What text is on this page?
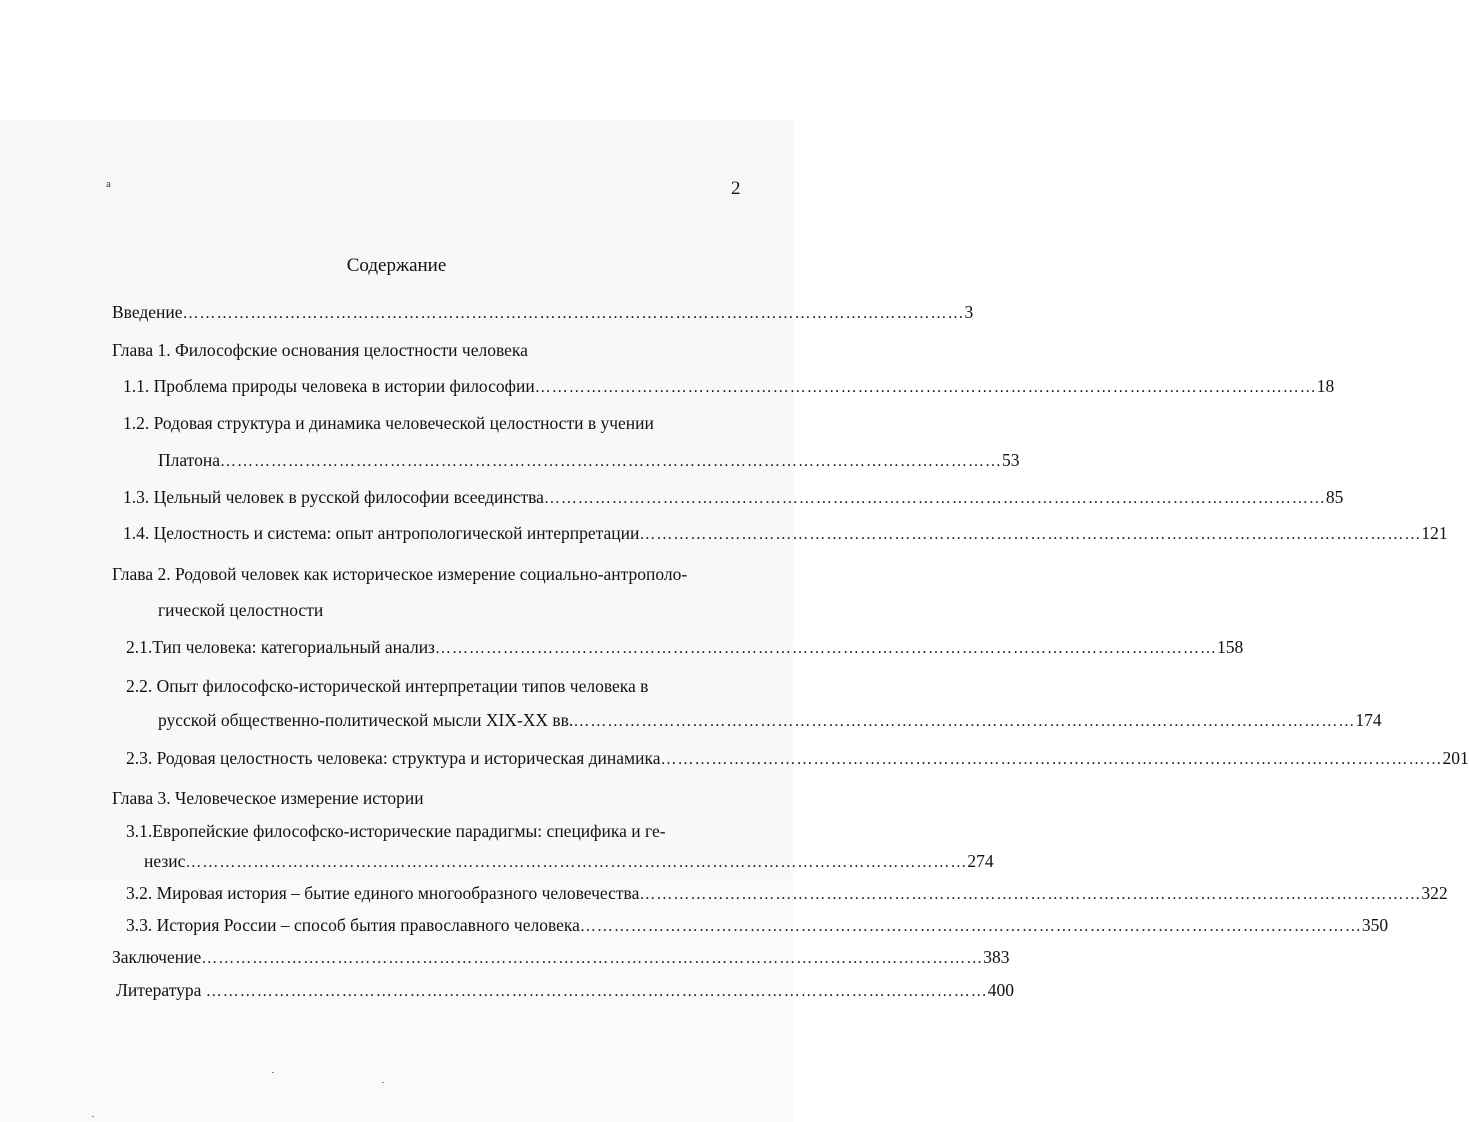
а	2
Содержание
Введение ………………………………………………………………………………………………………………………… 3
Глава 1. Философские основания целостности человека
1.1. Проблема природы человека в истории философии ………………………………………………………………………………………………………………………… 18
1.2. Родовая структура и динамика человеческой целостности в учении
Платона ………………………………………………………………………………………………………………………… 53
1.3. Цельный человек в русской философии всеединства ………………………………………………………………………………………………………………………… 85
1.4. Целостность и система: опыт антропологической интерпретации ………………………………………………………………………………………………………………………… 121
Глава 2. Родовой человек как историческое измерение социально-антрополо-
гической целостности
2.1.Тип человека: категориальный анализ ………………………………………………………………………………………………………………………… 158
2.2. Опыт философско-исторической интерпретации типов человека в
русской общественно-политической мысли XIX-XX вв. ………………………………………………………………………………………………………………………… 174
2.3. Родовая целостность человека: структура и историческая динамика ………………………………………………………………………………………………………………………… 201
Глава 3. Человеческое измерение истории
3.1.Европейские философско-исторические парадигмы: специфика и ге-
незис ………………………………………………………………………………………………………………………… 274
3.2. Мировая история – бытие единого многообразного человечества ………………………………………………………………………………………………………………………… 322
3.3. История России – способ бытия православного человека ………………………………………………………………………………………………………………………… 350
Заключение ………………………………………………………………………………………………………………………… 383
Литература ………………………………………………………………………………………………………………………… 400
